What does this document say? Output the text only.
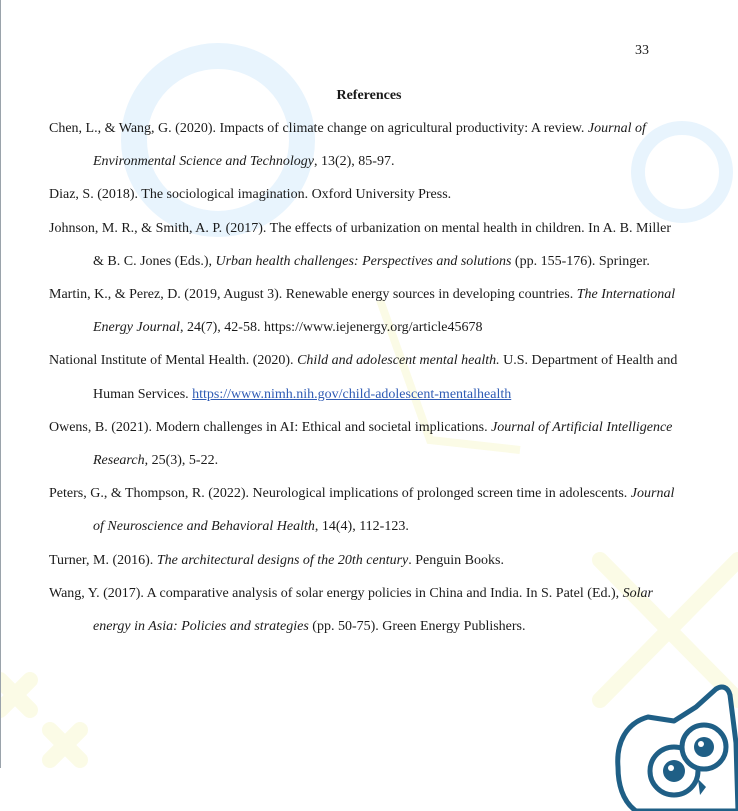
33
References

Chen, L., & Wang, G. (2020). Impacts of climate change on agricultural productivity: A review. Journal of Environmental Science and Technology, 13(2), 85-97.

Diaz, S. (2018). The sociological imagination. Oxford University Press.

Johnson, M. R., & Smith, A. P. (2017). The effects of urbanization on mental health in children. In A. B. Miller & B. C. Jones (Eds.), Urban health challenges: Perspectives and solutions (pp. 155-176). Springer.

Martin, K., & Perez, D. (2019, August 3). Renewable energy sources in developing countries. The International Energy Journal, 24(7), 42-58. https://www.iejenergy.org/article45678

National Institute of Mental Health. (2020). Child and adolescent mental health. U.S. Department of Health and Human Services. https://www.nimh.nih.gov/child-adolescent-mentalhealth

Owens, B. (2021). Modern challenges in AI: Ethical and societal implications. Journal of Artificial Intelligence Research, 25(3), 5-22.

Peters, G., & Thompson, R. (2022). Neurological implications of prolonged screen time in adolescents. Journal of Neuroscience and Behavioral Health, 14(4), 112-123.

Turner, M. (2016). The architectural designs of the 20th century. Penguin Books.

Wang, Y. (2017). A comparative analysis of solar energy policies in China and India. In S. Patel (Ed.), Solar energy in Asia: Policies and strategies (pp. 50-75). Green Energy Publishers.
